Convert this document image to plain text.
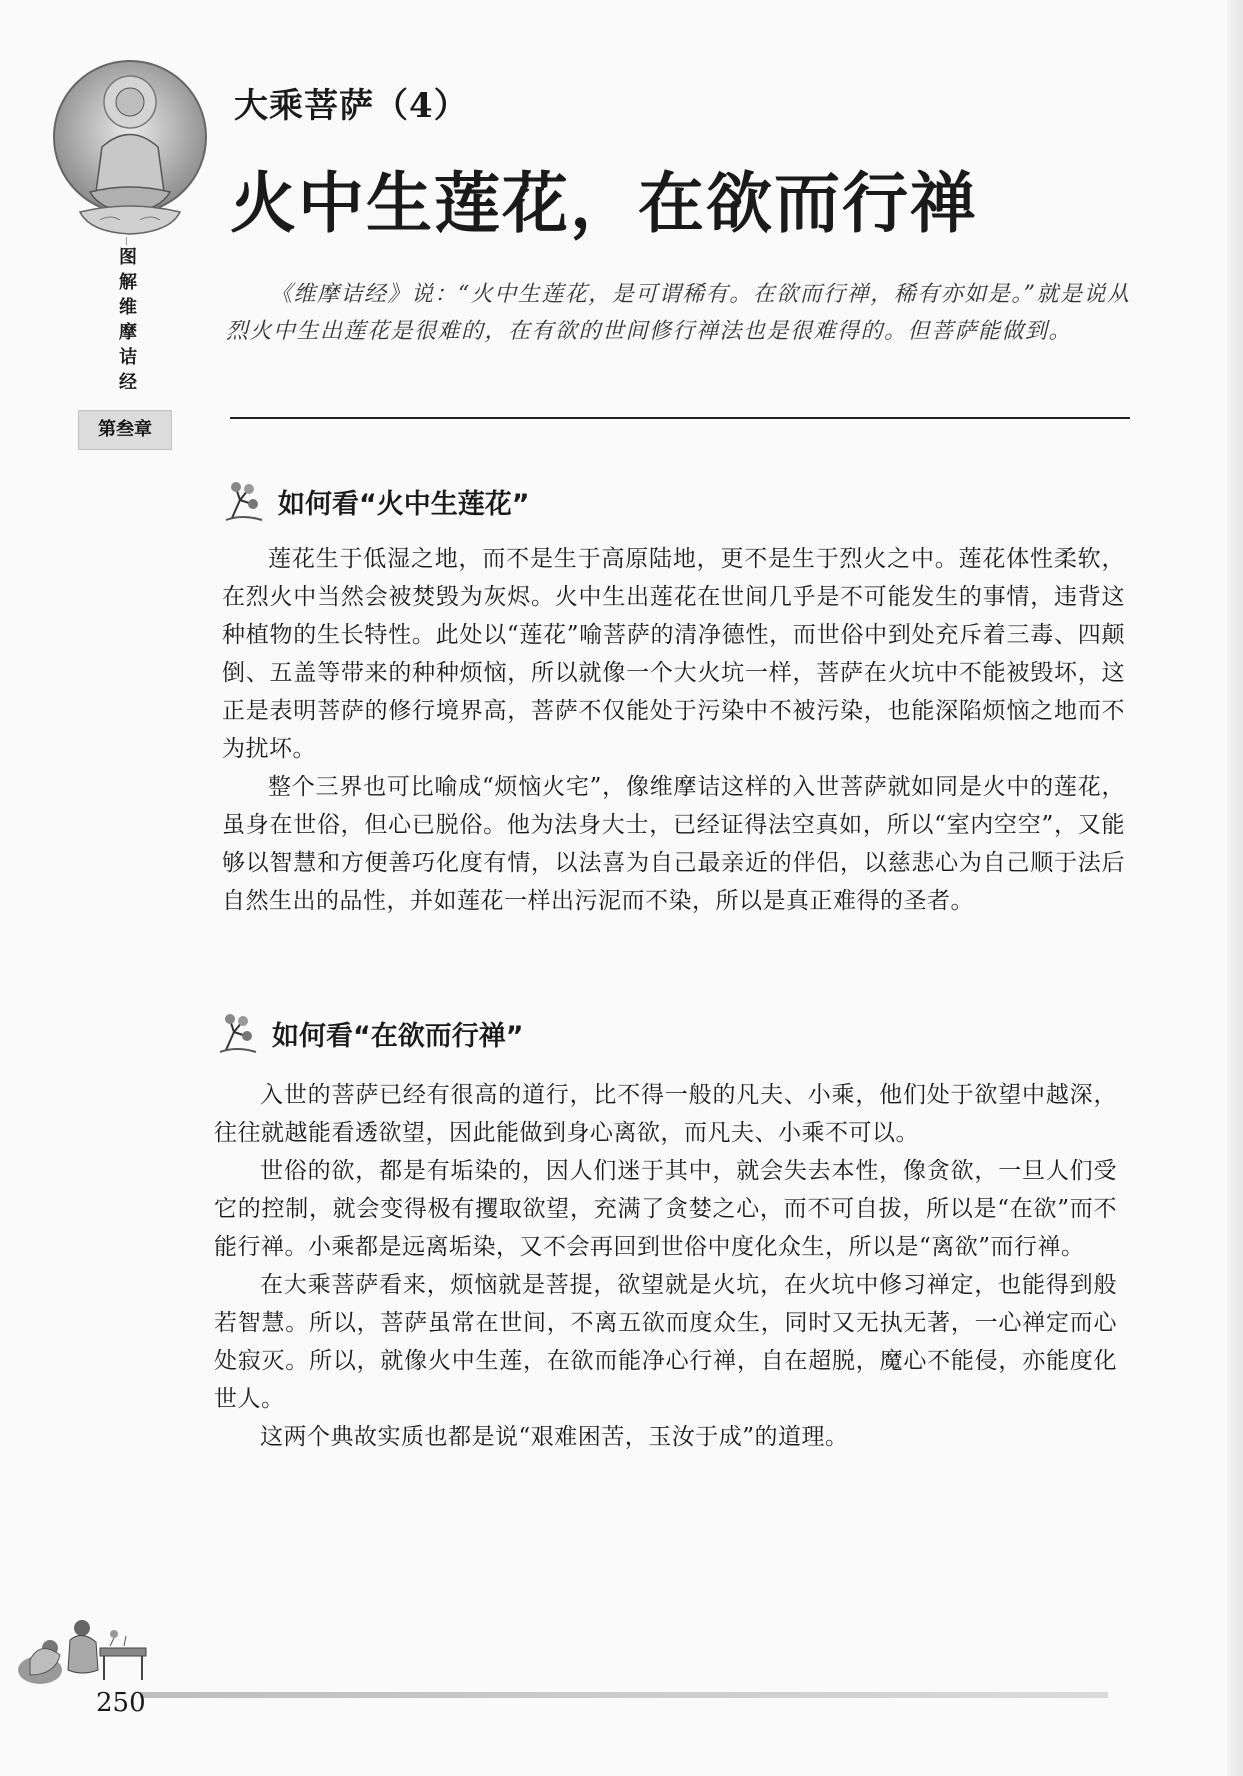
图
解
维
摩
诘
经
第叁章
大乘菩萨（4）
火中生莲花，在欲而行禅

《维摩诘经》说：“火中生莲花，是可谓稀有。在欲而行禅，稀有亦如是。”就是说从烈火中生出莲花是很难的，在有欲的世间修行禅法也是很难得的。但菩萨能做到。

如何看“火中生莲花”

莲花生于低湿之地，而不是生于高原陆地，更不是生于烈火之中。莲花体性柔软，在烈火中当然会被焚毁为灰烬。火中生出莲花在世间几乎是不可能发生的事情，违背这种植物的生长特性。此处以“莲花”喻菩萨的清净德性，而世俗中到处充斥着三毒、四颠倒、五盖等带来的种种烦恼，所以就像一个大火坑一样，菩萨在火坑中不能被毁坏，这正是表明菩萨的修行境界高，菩萨不仅能处于污染中不被污染，也能深陷烦恼之地而不为扰坏。

整个三界也可比喻成“烦恼火宅”，像维摩诘这样的入世菩萨就如同是火中的莲花，虽身在世俗，但心已脱俗。他为法身大士，已经证得法空真如，所以“室内空空”，又能够以智慧和方便善巧化度有情，以法喜为自己最亲近的伴侣，以慈悲心为自己顺于法后自然生出的品性，并如莲花一样出污泥而不染，所以是真正难得的圣者。

如何看“在欲而行禅”

入世的菩萨已经有很高的道行，比不得一般的凡夫、小乘，他们处于欲望中越深，往往就越能看透欲望，因此能做到身心离欲，而凡夫、小乘不可以。

世俗的欲，都是有垢染的，因人们迷于其中，就会失去本性，像贪欲，一旦人们受它的控制，就会变得极有攫取欲望，充满了贪婪之心，而不可自拔，所以是“在欲”而不能行禅。小乘都是远离垢染，又不会再回到世俗中度化众生，所以是“离欲”而行禅。

在大乘菩萨看来，烦恼就是菩提，欲望就是火坑，在火坑中修习禅定，也能得到般若智慧。所以，菩萨虽常在世间，不离五欲而度众生，同时又无执无著，一心禅定而心处寂灭。所以，就像火中生莲，在欲而能净心行禅，自在超脱，魔心不能侵，亦能度化世人。

这两个典故实质也都是说“艰难困苦，玉汝于成”的道理。

250
